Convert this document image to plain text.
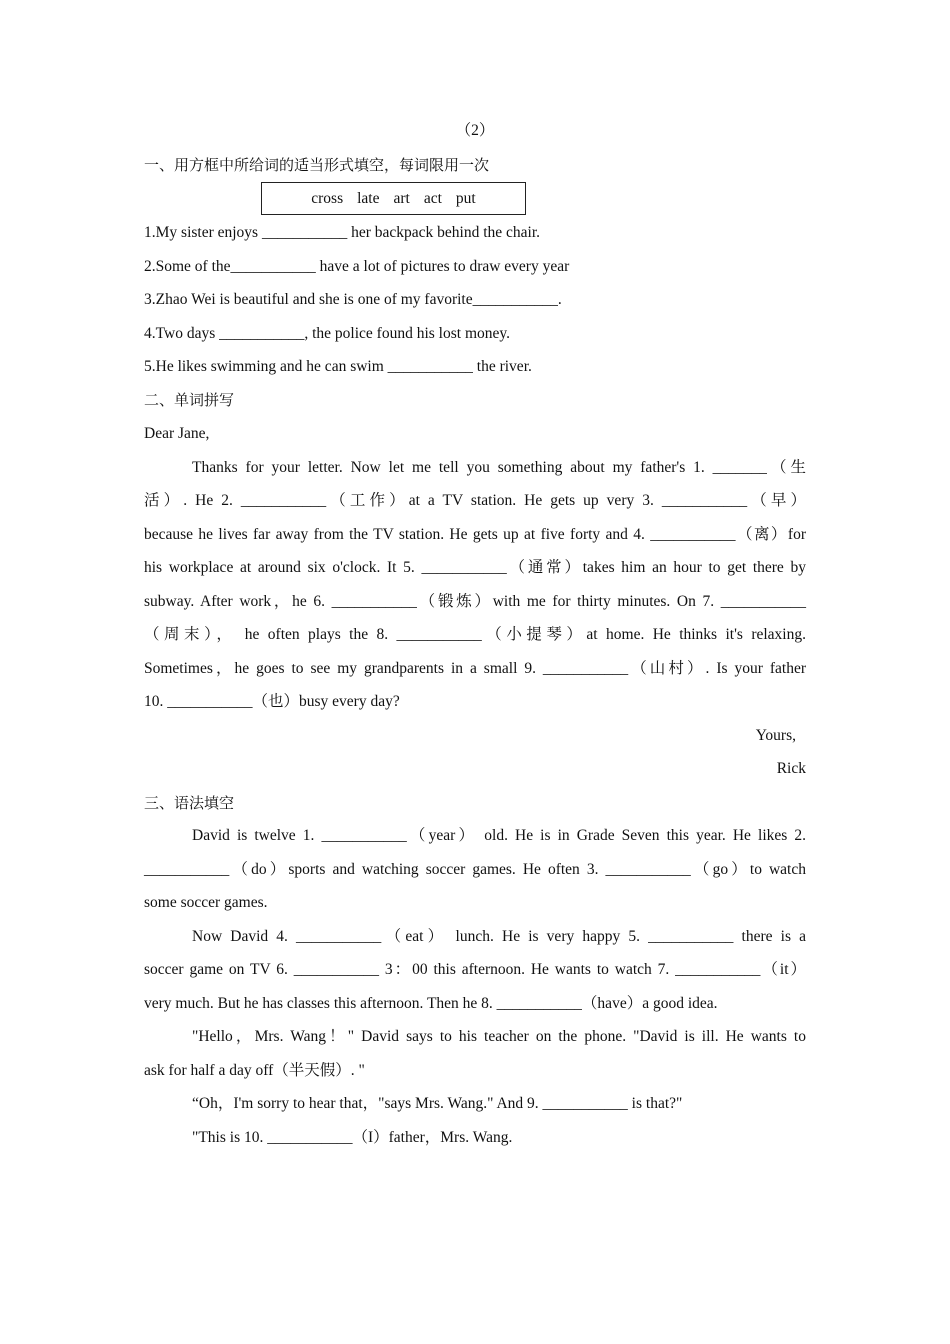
（2）
一、用方框中所给词的适当形式填空，每词限用一次
cross late art act put
1.My sister enjoys ___________ her backpack behind the chair.
2.Some of the___________ have a lot of pictures to draw every year
3.Zhao Wei is beautiful and she is one of my favorite___________.
4.Two days ___________, the police found his lost money.
5.He likes swimming and he can swim ___________ the river.
二、单词拼写
Dear Jane,
Thanks for your letter. Now let me tell you something about my father's 1. _______（生
活）. He 2. ___________（工作）at a TV station. He gets up very 3. ___________（早）
because he lives far away from the TV station. He gets up at five forty and 4. ___________（离）for
his workplace at around six o'clock. It 5. ___________（通常）takes him an hour to get there by
subway. After work，he 6. ___________（锻炼）with me for thirty minutes. On 7. ___________
（周末）， he often plays the 8. ___________（小提琴）at home. He thinks it's relaxing.
Sometimes，he goes to see my grandparents in a small 9. ___________（山村）. Is your father
10. ___________（也）busy every day?
Yours,
Rick
三、语法填空
David is twelve 1. ___________（year） old. He is in Grade Seven this year. He likes 2.
___________（do）sports and watching soccer games. He often 3. ___________（go）to watch
some soccer games.
Now David 4. ___________（eat） lunch. He is very happy 5. ___________ there is a
soccer game on TV 6. ___________ 3：00 this afternoon. He wants to watch 7. ___________（it）
very much. But he has classes this afternoon. Then he 8. ___________（have）a good idea.
"Hello，Mrs. Wang！" David says to his teacher on the phone. "David is ill. He wants to
ask for half a day off（半天假）. "
“Oh，I'm sorry to hear that，"says Mrs. Wang." And 9. ___________ is that?"
"This is 10. ___________（I）father，Mrs. Wang.
